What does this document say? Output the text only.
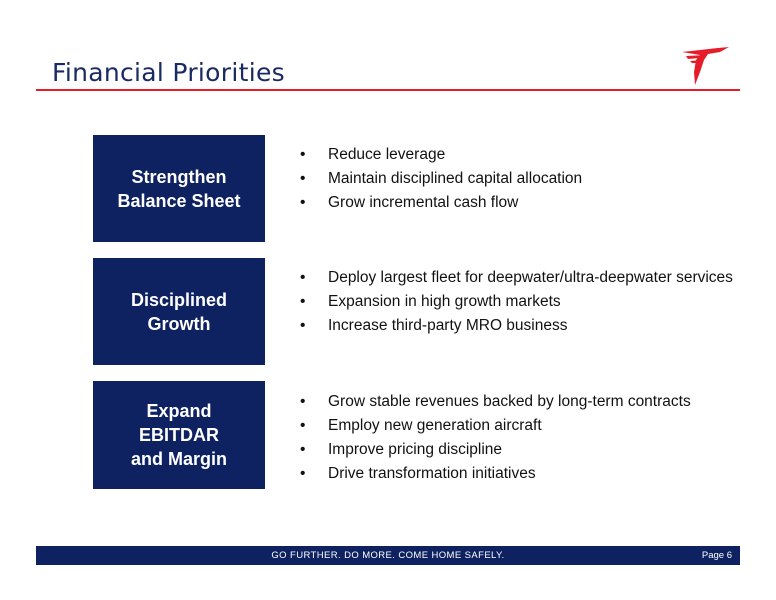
Financial Priorities
Strengthen
Balance Sheet
• Reduce leverage
• Maintain disciplined capital allocation
• Grow incremental cash flow
Disciplined
Growth
• Deploy largest fleet for deepwater/ultra-deepwater services
• Expansion in high growth markets
• Increase third-party MRO business
Expand
EBITDAR
and Margin
• Grow stable revenues backed by long-term contracts
• Employ new generation aircraft
• Improve pricing discipline
• Drive transformation initiatives
GO FURTHER. DO MORE. COME HOME SAFELY.	Page 6
